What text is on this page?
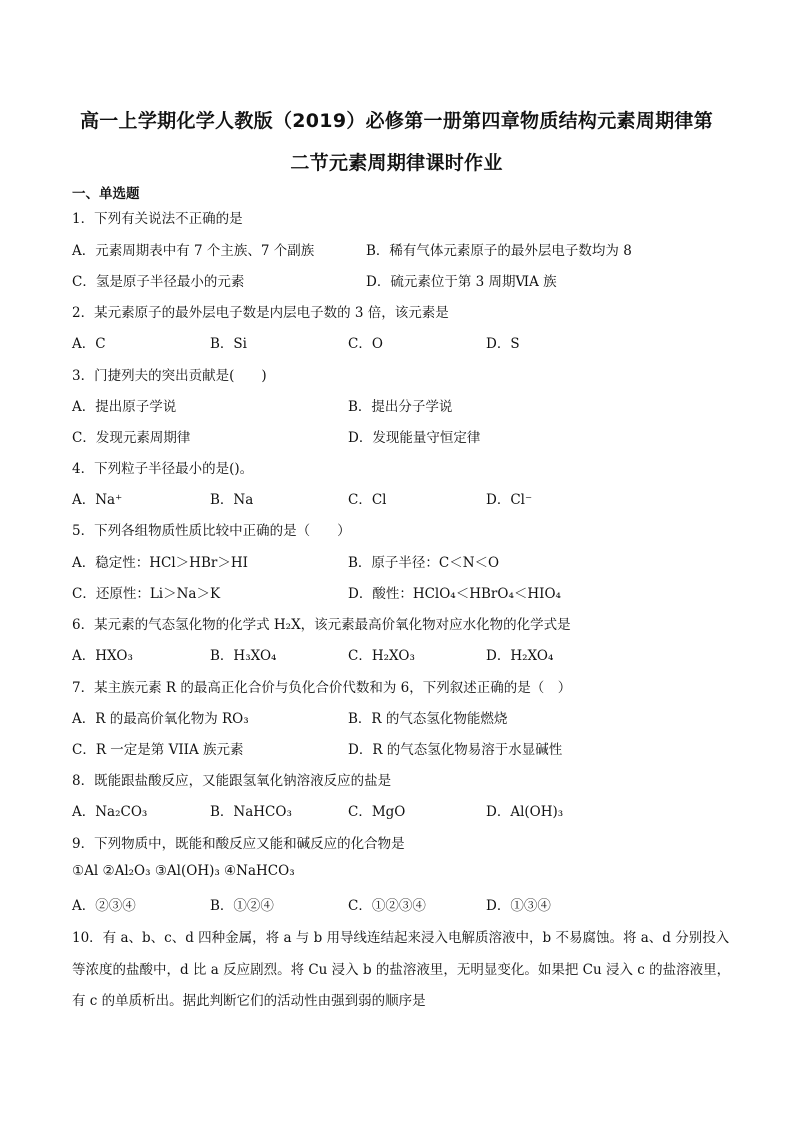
高一上学期化学人教版（2019）必修第一册第四章物质结构元素周期律第
二节元素周期律课时作业
一、单选题
1．下列有关说法不正确的是
A．元素周期表中有 7 个主族、7 个副族	B．稀有气体元素原子的最外层电子数均为 8
C．氢是原子半径最小的元素	D．硫元素位于第 3 周期ⅥA 族
2．某元素原子的最外层电子数是内层电子数的 3 倍，该元素是
A．C	B．Si	C．O	D．S
3．门捷列夫的突出贡献是(　　)
A．提出原子学说	B．提出分子学说
C．发现元素周期律	D．发现能量守恒定律
4．下列粒子半径最小的是()。
A．Na⁺	B．Na	C．Cl	D．Cl⁻
5．下列各组物质性质比较中正确的是（　　）
A．稳定性：HCl＞HBr＞HI	B．原子半径：C＜N＜O
C．还原性：Li＞Na＞K	D．酸性：HClO₄＜HBrO₄＜HIO₄
6．某元素的气态氢化物的化学式 H₂X，该元素最高价氧化物对应水化物的化学式是
A．HXO₃	B．H₃XO₄	C．H₂XO₃	D．H₂XO₄
7．某主族元素 R 的最高正化合价与负化合价代数和为 6，下列叙述正确的是（　）
A．R 的最高价氧化物为 RO₃	B．R 的气态氢化物能燃烧
C．R 一定是第 VIIA 族元素	D．R 的气态氢化物易溶于水显碱性
8．既能跟盐酸反应，又能跟氢氧化钠溶液反应的盐是
A．Na₂CO₃	B．NaHCO₃	C．MgO	D．Al(OH)₃
9．下列物质中，既能和酸反应又能和碱反应的化合物是
①Al ②Al₂O₃ ③Al(OH)₃ ④NaHCO₃
A．②③④	B．①②④	C．①②③④	D．①③④
10．有 a、b、c、d 四种金属，将 a 与 b 用导线连结起来浸入电解质溶液中，b 不易腐蚀。将 a、d 分别投入
等浓度的盐酸中，d 比 a 反应剧烈。将 Cu 浸入 b 的盐溶液里，无明显变化。如果把 Cu 浸入 c 的盐溶液里，
有 c 的单质析出。据此判断它们的活动性由强到弱的顺序是
